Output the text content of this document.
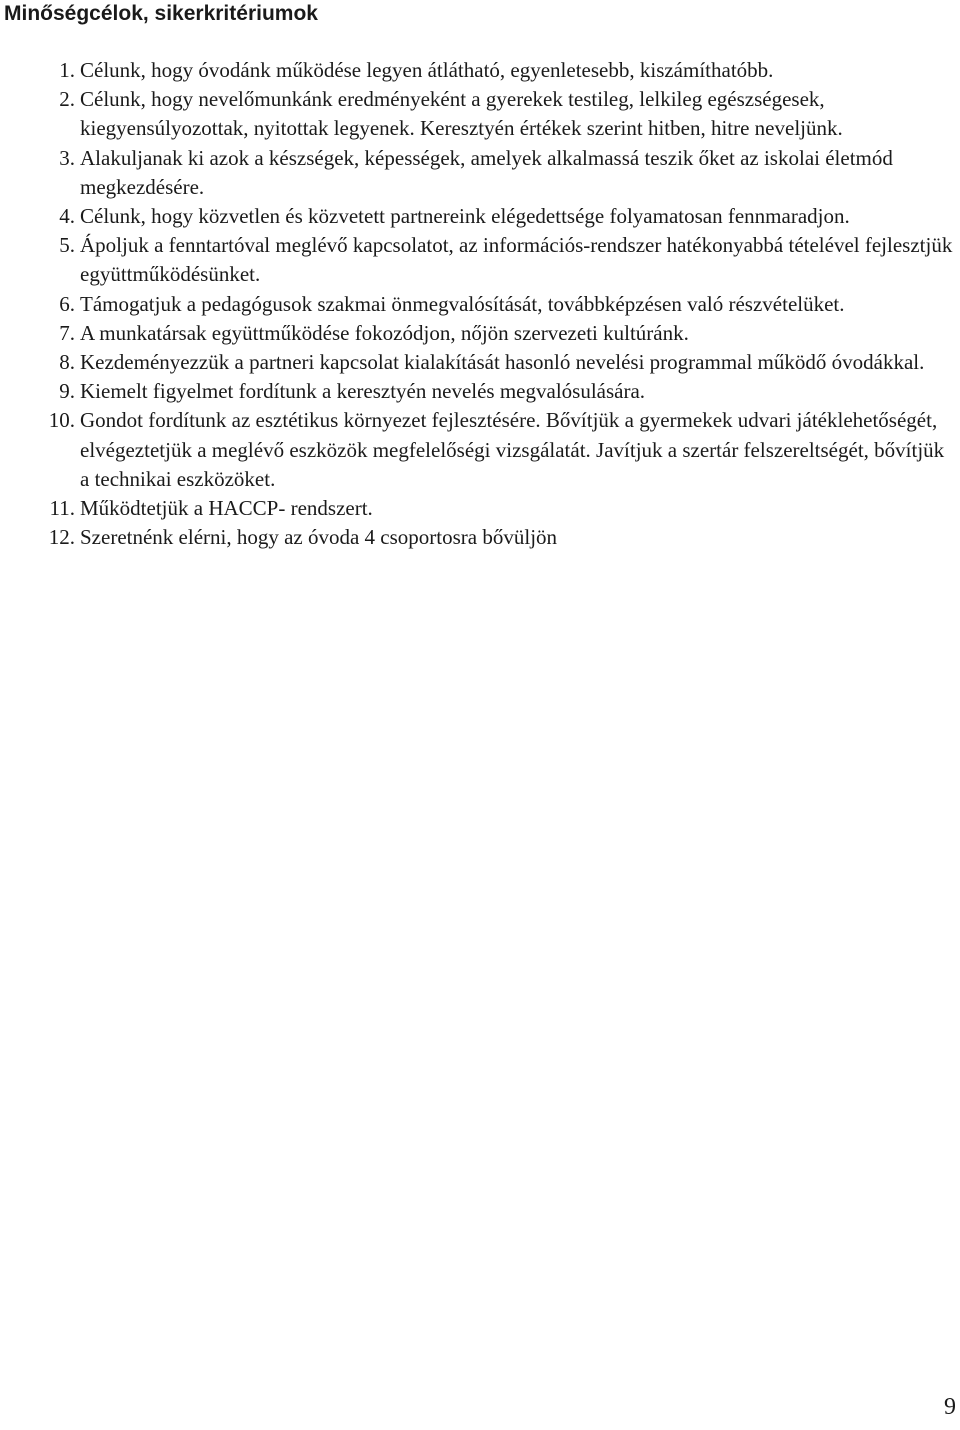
Minőségcélok, sikerkritériumok
1. Célunk, hogy óvodánk működése legyen átlátható, egyenletesebb, kiszámíthatóbb.
2. Célunk, hogy nevelőmunkánk eredményeként a gyerekek testileg, lelkileg egészségesek, kiegyensúlyozottak, nyitottak legyenek. Keresztyén értékek szerint hitben, hitre neveljünk.
3. Alakuljanak ki azok a készségek, képességek, amelyek alkalmassá teszik őket az iskolai életmód megkezdésére.
4. Célunk, hogy közvetlen és közvetett partnereink elégedettsége folyamatosan fennmaradjon.
5. Ápoljuk a fenntartóval meglévő kapcsolatot, az információs-rendszer hatékonyabbá tételével fejlesztjük együttműködésünket.
6. Támogatjuk a pedagógusok szakmai önmegvalósítását, továbbképzésen való részvételüket.
7. A munkatársak együttműködése fokozódjon, nőjön szervezeti kultúránk.
8. Kezdeményezzük a partneri kapcsolat kialakítását hasonló nevelési programmal működő óvodákkal.
9. Kiemelt figyelmet fordítunk a keresztyén nevelés megvalósulására.
10. Gondot fordítunk az esztétikus környezet fejlesztésére. Bővítjük a gyermekek udvari játéklehetőségét, elvégeztetjük a meglévő eszközök megfelelőségi vizsgálatát. Javítjuk a szertár felszereltségét, bővítjük a technikai eszközöket.
11. Működtetjük a HACCP- rendszert.
12. Szeretnénk elérni, hogy az óvoda 4 csoportosra bővüljön
9
